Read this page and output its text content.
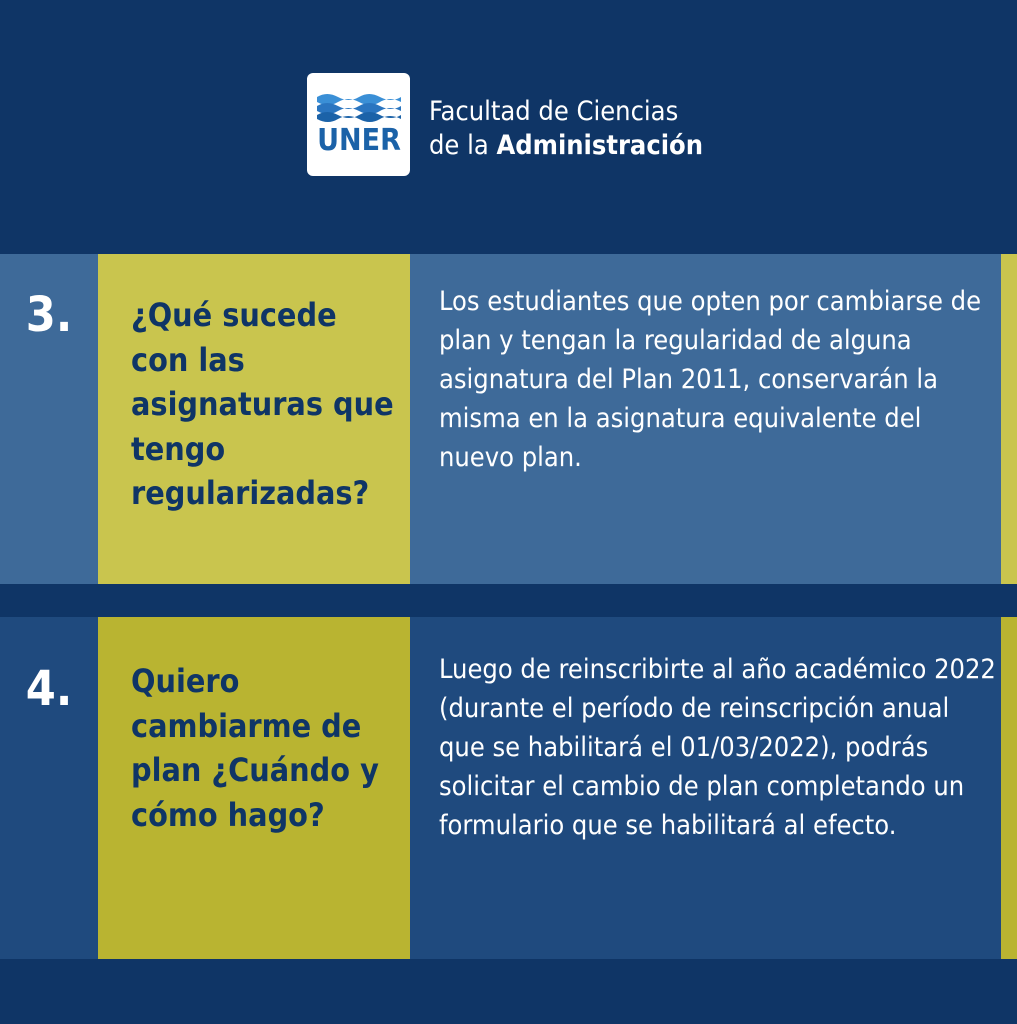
UNER
Facultad de Ciencias
de la Administración
3.	¿Qué sucede con las asignaturas que tengo regularizadas?
Los estudiantes que opten por cambiarse de plan y tengan la regularidad de alguna asignatura del Plan 2011, conservarán la misma en la asignatura equivalente del nuevo plan.
4.	Quiero cambiarme de plan ¿Cuándo y cómo hago?
Luego de reinscribirte al año académico 2022 (durante el período de reinscripción anual que se habilitará el 01/03/2022), podrás solicitar el cambio de plan completando un formulario que se habilitará al efecto.
